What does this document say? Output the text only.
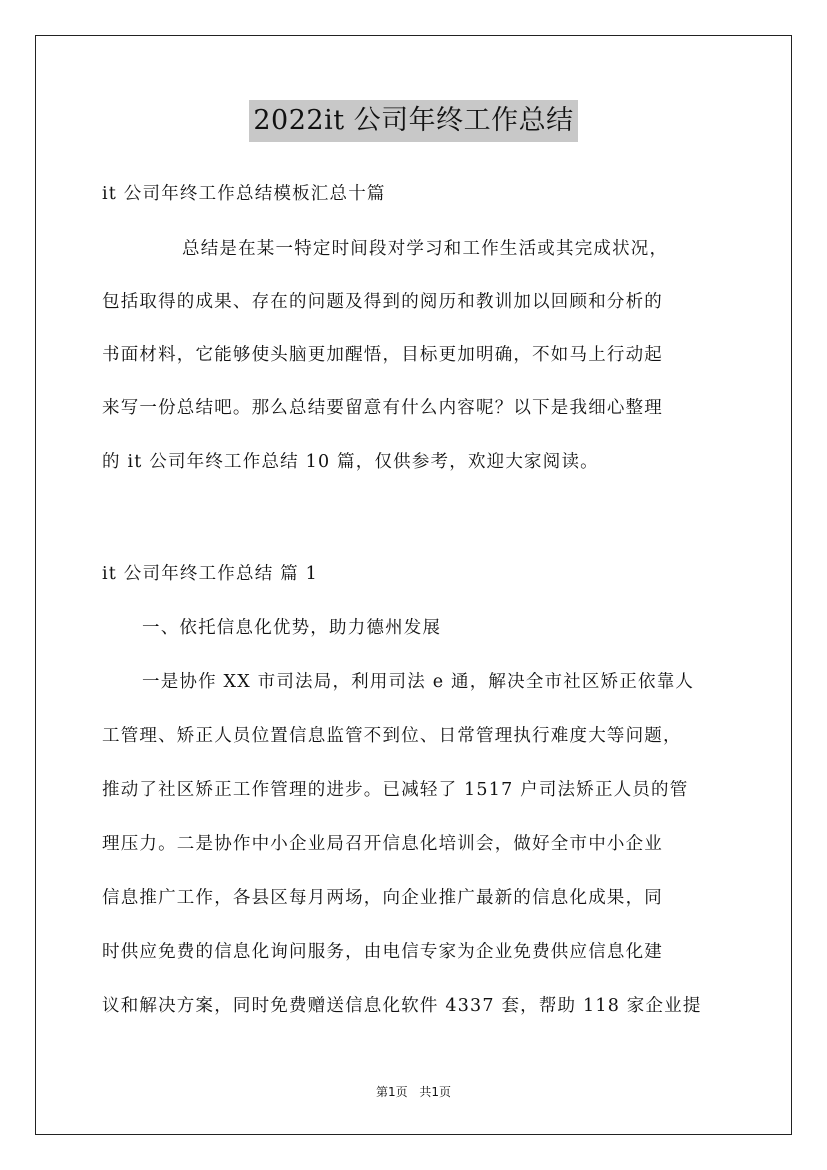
2022it 公司年终工作总结
it 公司年终工作总结模板汇总十篇
总结是在某一特定时间段对学习和工作生活或其完成状况，
包括取得的成果、存在的问题及得到的阅历和教训加以回顾和分析的
书面材料，它能够使头脑更加醒悟，目标更加明确，不如马上行动起
来写一份总结吧。那么总结要留意有什么内容呢？以下是我细心整理
的 it 公司年终工作总结 10 篇，仅供参考，欢迎大家阅读。
it 公司年终工作总结 篇 1
一、依托信息化优势，助力德州发展
一是协作 XX 市司法局，利用司法 e 通，解决全市社区矫正依靠人
工管理、矫正人员位置信息监管不到位、日常管理执行难度大等问题，
推动了社区矫正工作管理的进步。已减轻了 1517 户司法矫正人员的管
理压力。二是协作中小企业局召开信息化培训会，做好全市中小企业
信息推广工作，各县区每月两场，向企业推广最新的信息化成果，同
时供应免费的信息化询问服务，由电信专家为企业免费供应信息化建
议和解决方案，同时免费赠送信息化软件 4337 套，帮助 118 家企业提
第1页 共1页
